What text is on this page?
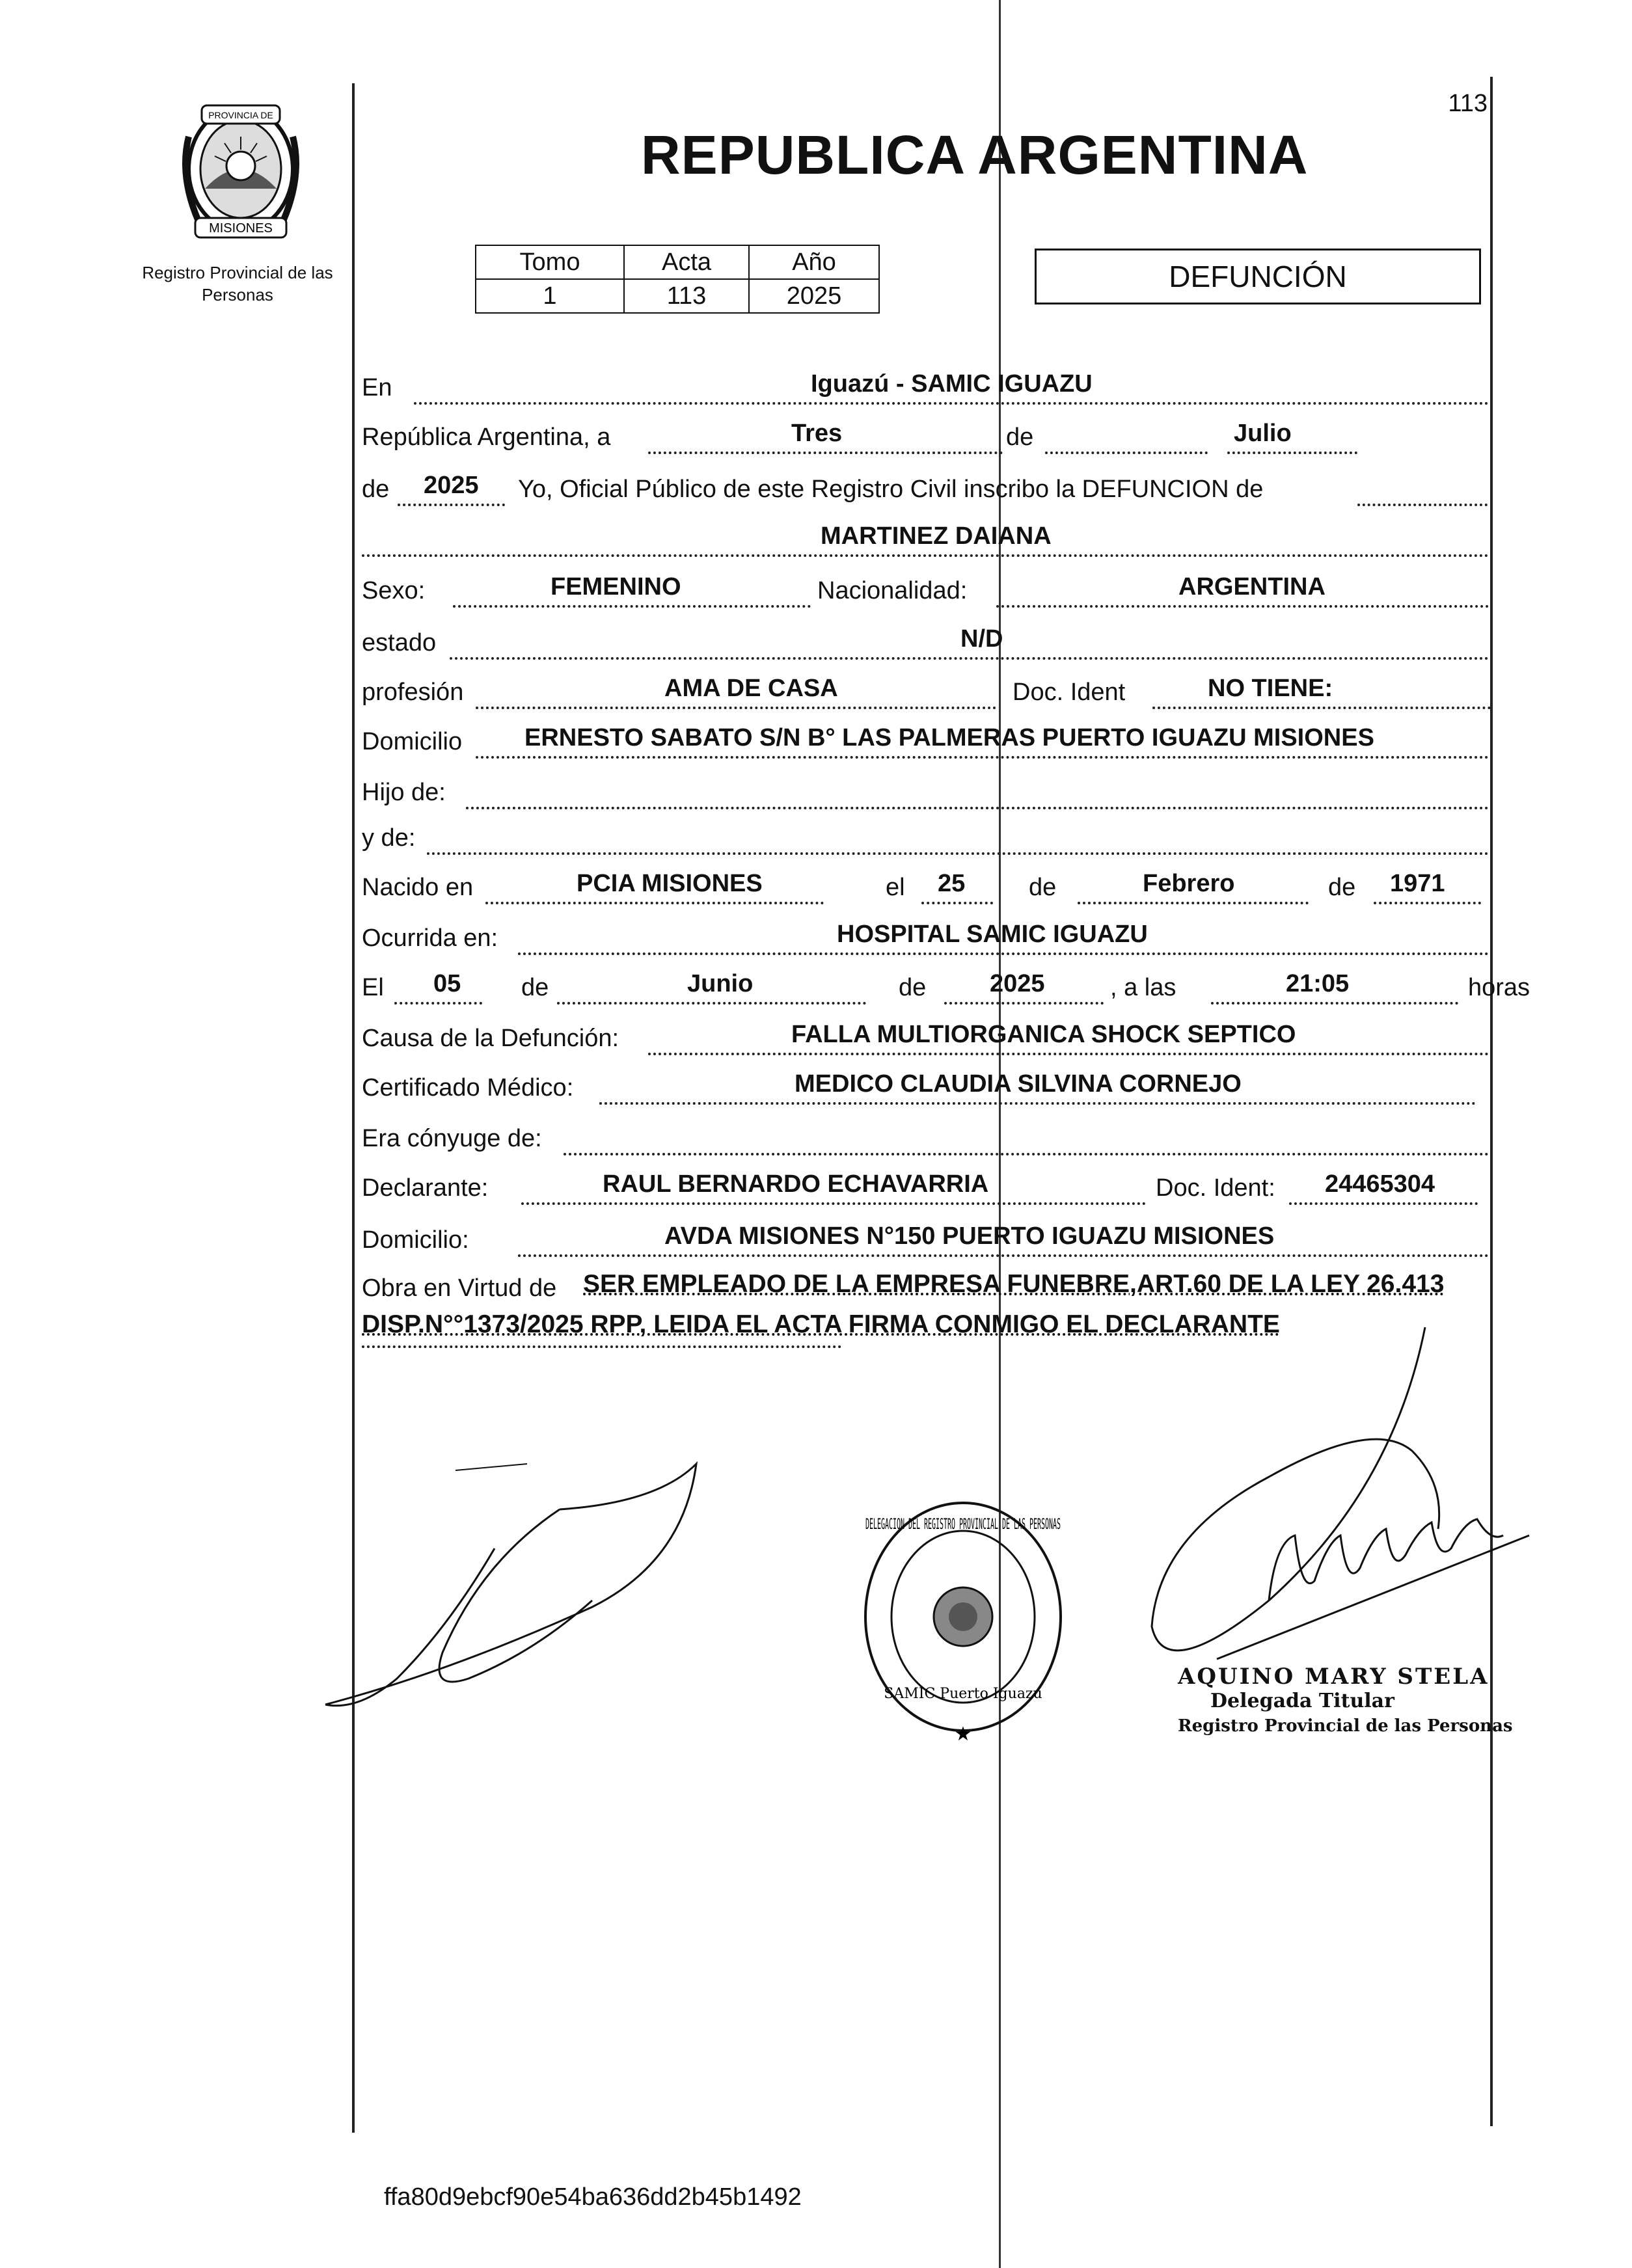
113
MISIONES
PROVINCIA DE
Registro Provincial de las Personas
REPUBLICA ARGENTINA
Tomo	Acta	Año
1	113	2025
DEFUNCIÓN
En	Iguazú - SAMIC IGUAZU
República Argentina, a	Tres	de	Julio
de 2025 Yo, Oficial Público de este Registro Civil inscribo la DEFUNCION de
MARTINEZ DAIANA
Sexo:	FEMENINO	Nacionalidad:	ARGENTINA
estado	N/D
profesión	AMA DE CASA	Doc. Ident	NO TIENE:
Domicilio	ERNESTO SABATO S/N B° LAS PALMERAS PUERTO IGUAZU MISIONES
Hijo de:
y de:
Nacido en	PCIA MISIONES	el 25	de	Febrero	de 1971
Ocurrida en:	HOSPITAL SAMIC IGUAZU
El 05 de	Junio	de	2025	, a las	21:05	horas
Causa de la Defunción:	FALLA MULTIORGANICA SHOCK SEPTICO
Certificado Médico:	MEDICO CLAUDIA SILVINA CORNEJO
Era cónyuge de:
Declarante:	RAUL BERNARDO ECHAVARRIA	Doc. Ident: 24465304
Domicilio:	AVDA MISIONES N°150 PUERTO IGUAZU MISIONES
Obra en Virtud de SER EMPLEADO DE LA EMPRESA FUNEBRE,ART.60 DE LA LEY 26.413
DISP.N°°1373/2025 RPP, LEIDA EL ACTA FIRMA CONMIGO EL DECLARANTE
DELEGACION DEL REGISTRO PROVINCIAL DE LAS PERSONAS
SAMIC Puerto Iguazu
★
AQUINO MARY STELA
Delegada Titular
Registro Provincial de las Personas
ffa80d9ebcf90e54ba636dd2b45b1492
